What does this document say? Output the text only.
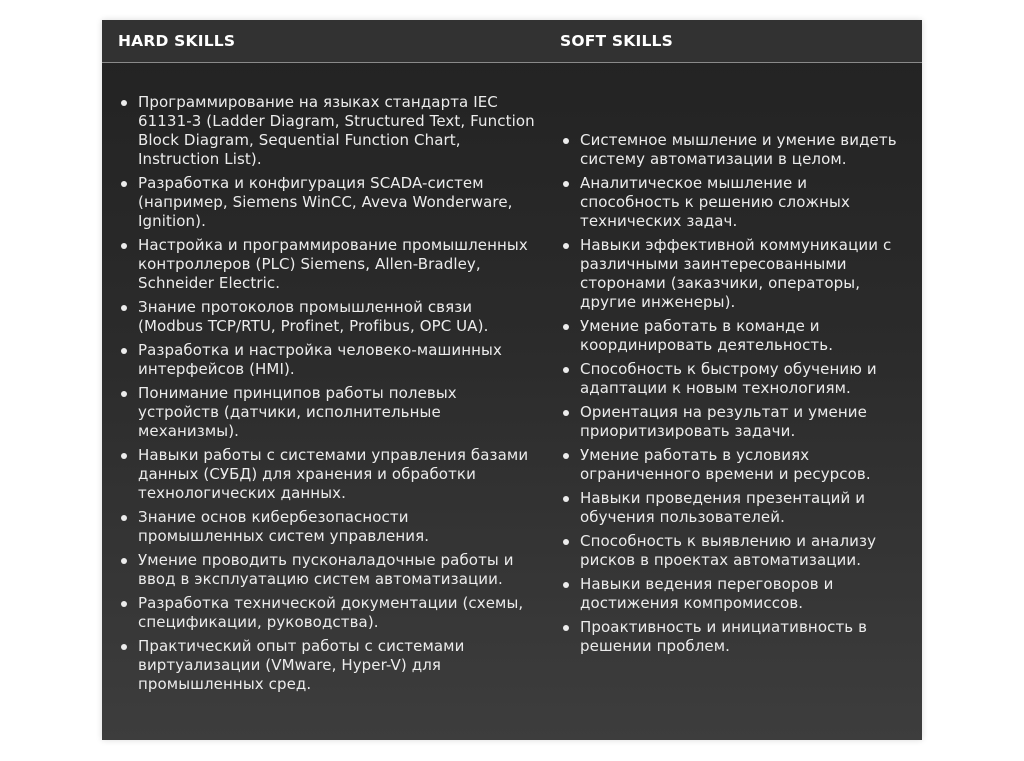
HARD SKILLS	SOFT SKILLS
Программирование на языках стандарта IEC 61131-3 (Ladder Diagram, Structured Text, Function Block Diagram, Sequential Function Chart, Instruction List).
Разработка и конфигурация SCADA-систем (например, Siemens WinCC, Aveva Wonderware, Ignition).
Настройка и программирование промышленных контроллеров (PLC) Siemens, Allen-Bradley, Schneider Electric.
Знание протоколов промышленной связи (Modbus TCP/RTU, Profinet, Profibus, OPC UA).
Разработка и настройка человеко-машинных интерфейсов (HMI).
Понимание принципов работы полевых устройств (датчики, исполнительные механизмы).
Навыки работы с системами управления базами данных (СУБД) для хранения и обработки технологических данных.
Знание основ кибербезопасности промышленных систем управления.
Умение проводить пусконаладочные работы и ввод в эксплуатацию систем автоматизации.
Разработка технической документации (схемы, спецификации, руководства).
Практический опыт работы с системами виртуализации (VMware, Hyper-V) для промышленных сред.
Системное мышление и умение видеть систему автоматизации в целом.
Аналитическое мышление и способность к решению сложных технических задач.
Навыки эффективной коммуникации с различными заинтересованными сторонами (заказчики, операторы, другие инженеры).
Умение работать в команде и координировать деятельность.
Способность к быстрому обучению и адаптации к новым технологиям.
Ориентация на результат и умение приоритизировать задачи.
Умение работать в условиях ограниченного времени и ресурсов.
Навыки проведения презентаций и обучения пользователей.
Способность к выявлению и анализу рисков в проектах автоматизации.
Навыки ведения переговоров и достижения компромиссов.
Проактивность и инициативность в решении проблем.
